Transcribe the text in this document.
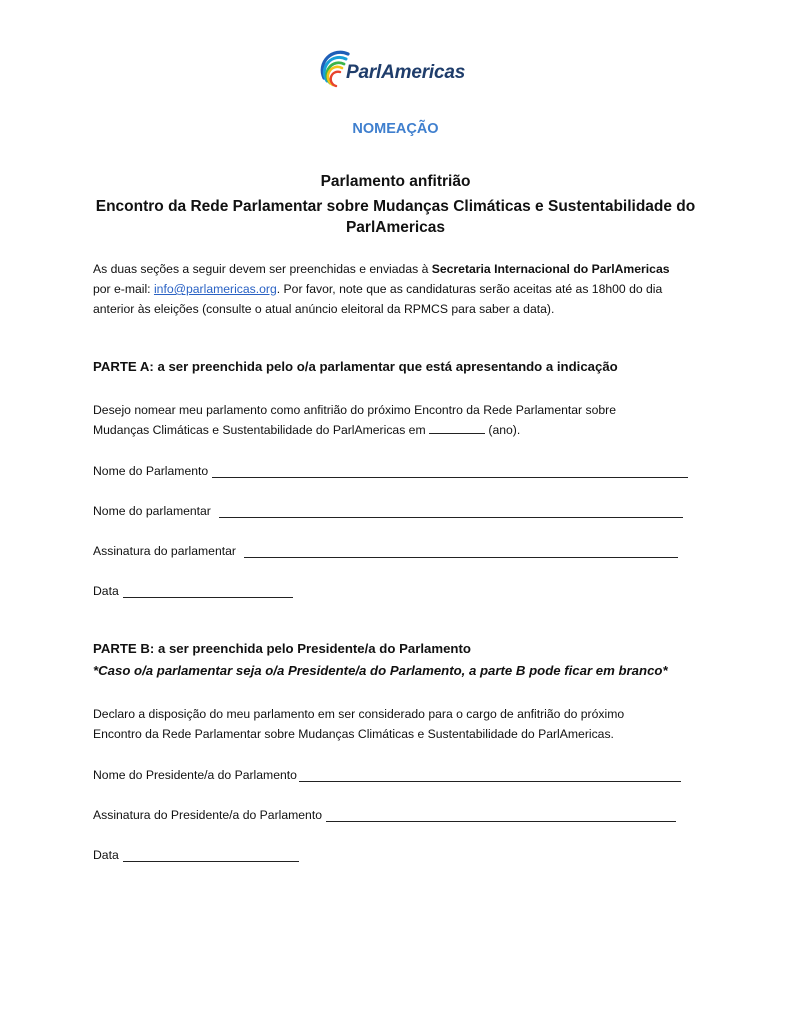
ParlAmericas
NOMEAÇÃO
Parlamento anfitrião
Encontro da Rede Parlamentar sobre Mudanças Climáticas e Sustentabilidade do
ParlAmericas
As duas seções a seguir devem ser preenchidas e enviadas à Secretaria Internacional do ParlAmericas
por e-mail: info@parlamericas.org. Por favor, note que as candidaturas serão aceitas até as 18h00 do dia
anterior às eleições (consulte o atual anúncio eleitoral da RPMCS para saber a data).
PARTE A: a ser preenchida pelo o/a parlamentar que está apresentando a indicação
Desejo nomear meu parlamento como anfitrião do próximo Encontro da Rede Parlamentar sobre
Mudanças Climáticas e Sustentabilidade do ParlAmericas em	(ano).
Nome do Parlamento
Nome do parlamentar
Assinatura do parlamentar
Data
PARTE B: a ser preenchida pelo Presidente/a do Parlamento
*Caso o/a parlamentar seja o/a Presidente/a do Parlamento, a parte B pode ficar em branco*
Declaro a disposição do meu parlamento em ser considerado para o cargo de anfitrião do próximo
Encontro da Rede Parlamentar sobre Mudanças Climáticas e Sustentabilidade do ParlAmericas.
Nome do Presidente/a do Parlamento
Assinatura do Presidente/a do Parlamento
Data
